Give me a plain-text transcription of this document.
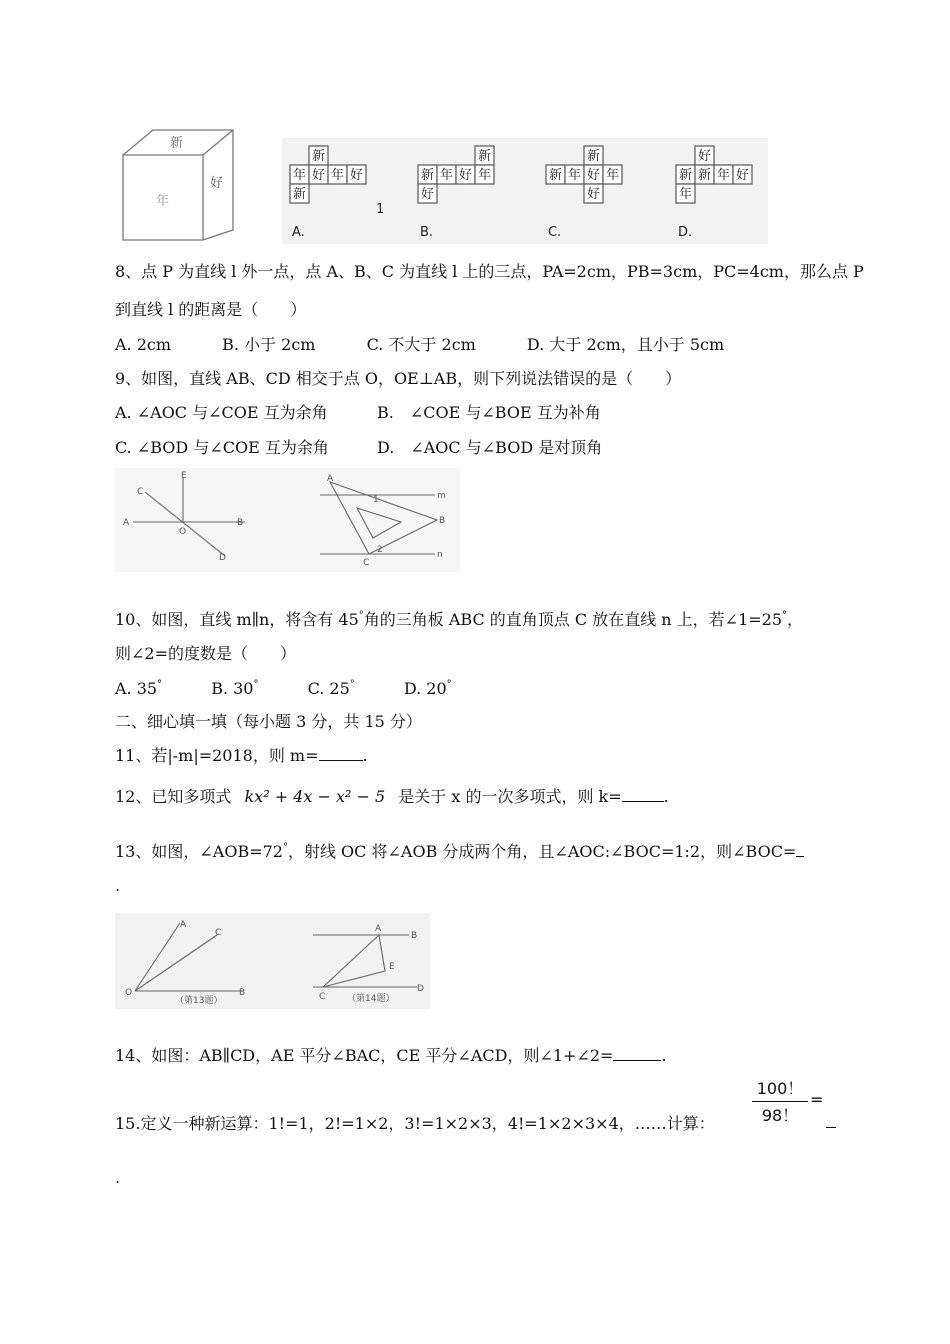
新
年
好
新
年 好 年 好
新
A.
新
新 年 好 年
好
B.
1
新
新 年 好 年
好
C.
好
新 新 年 好
年
D.
8、点 P 为直线 l 外一点，点 A、B、C 为直线 l 上的三点，PA=2cm，PB=3cm，PC=4cm，那么点 P
到直线 l 的距离是（　　）
A. 2cm	B. 小于 2cm	C. 不大于 2cm	D. 大于 2cm，且小于 5cm
9、如图，直线 AB、CD 相交于点 O，OE⊥AB，则下列说法错误的是（　　）
A. ∠AOC 与∠COE 互为余角	B.　∠COE 与∠BOE 互为补角
C. ∠BOD 与∠COE 互为余角	D.　∠AOC 与∠BOD 是对顶角
C
E
A
O
B
D
A
m
B
C
n
1
2
10、如图，直线 m∥n，将含有 45°角的三角板 ABC 的直角顶点 C 放在直线 n 上，若∠1=25°，
则∠2=的度数是（　　）
A. 35°	B. 30°	C. 25°	D. 20°
二、细心填一填（每小题 3 分，共 15 分）
11、若|-m|=2018，则 m=	.
12、已知多项式 kx² + 4x − x² − 5 是关于 x 的一次多项式，则 k=	.
13、如图，∠AOB=72°，射线 OC 将∠AOB 分成两个角，且∠AOC:∠BOC=1:2，则∠BOC=
.
A
C
O	B
（第13题）
A
B
E
C
D
（第14题）
14、如图：AB∥CD，AE 平分∠BAC，CE 平分∠ACD，则∠1+∠2=	.
15.定义一种新运算：1!=1，2!=1×2，3!=1×2×3，4!=1×2×3×4，……计算：
100！
98！
=
.
